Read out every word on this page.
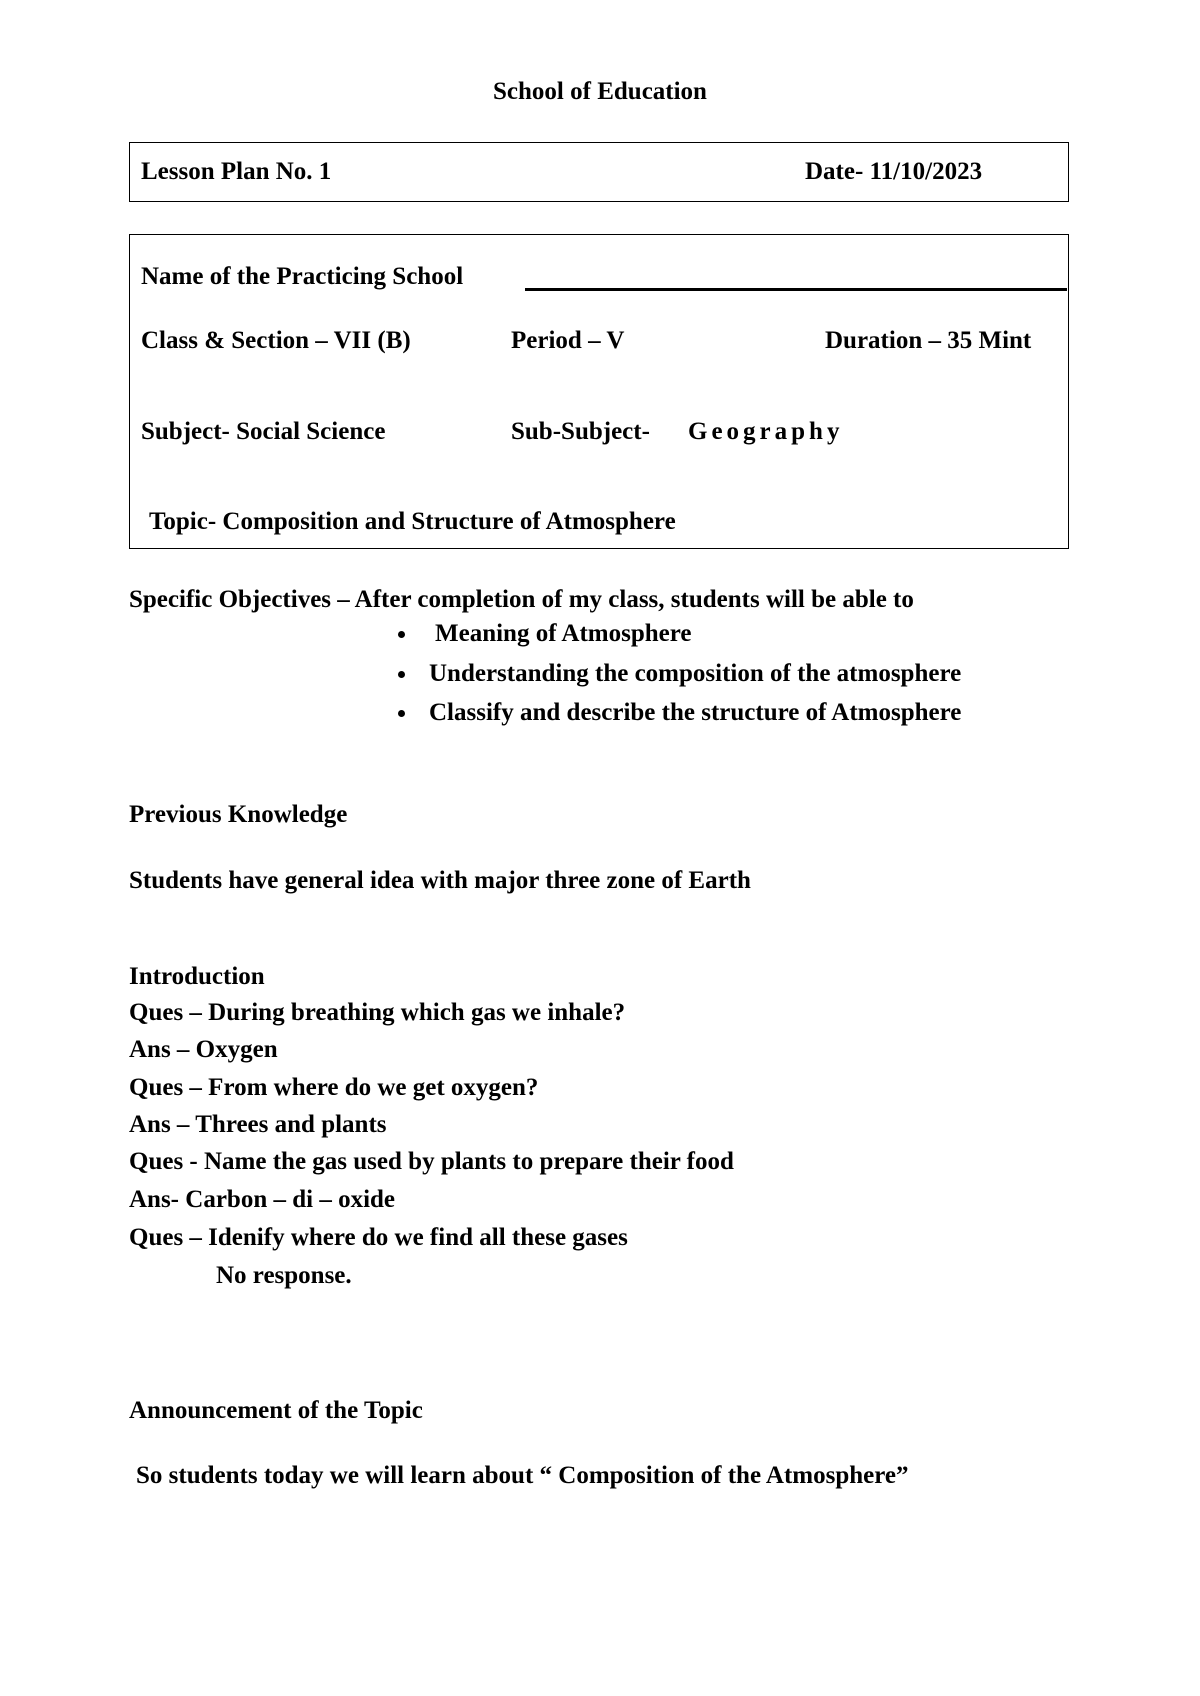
School of Education
Lesson Plan No. 1	Date- 11/10/2023
Name of the Practicing School
Class & Section – VII (B)	Period – V	Duration – 35 Mint
Subject- Social Science	Sub-Subject- Geography
Topic- Composition and Structure of Atmosphere
Specific Objectives – After completion of my class, students will be able to
Meaning of Atmosphere
Understanding the composition of the atmosphere
Classify and describe the structure of Atmosphere
Previous Knowledge
Students have general idea with major three zone of Earth
Introduction
Ques – During breathing which gas we inhale?
Ans – Oxygen
Ques – From where do we get oxygen?
Ans – Threes and plants
Ques - Name the gas used by plants to prepare their food
Ans- Carbon – di – oxide
Ques – Idenify where do we find all these gases
No response.
Announcement of the Topic
So students today we will learn about “ Composition of the Atmosphere”
